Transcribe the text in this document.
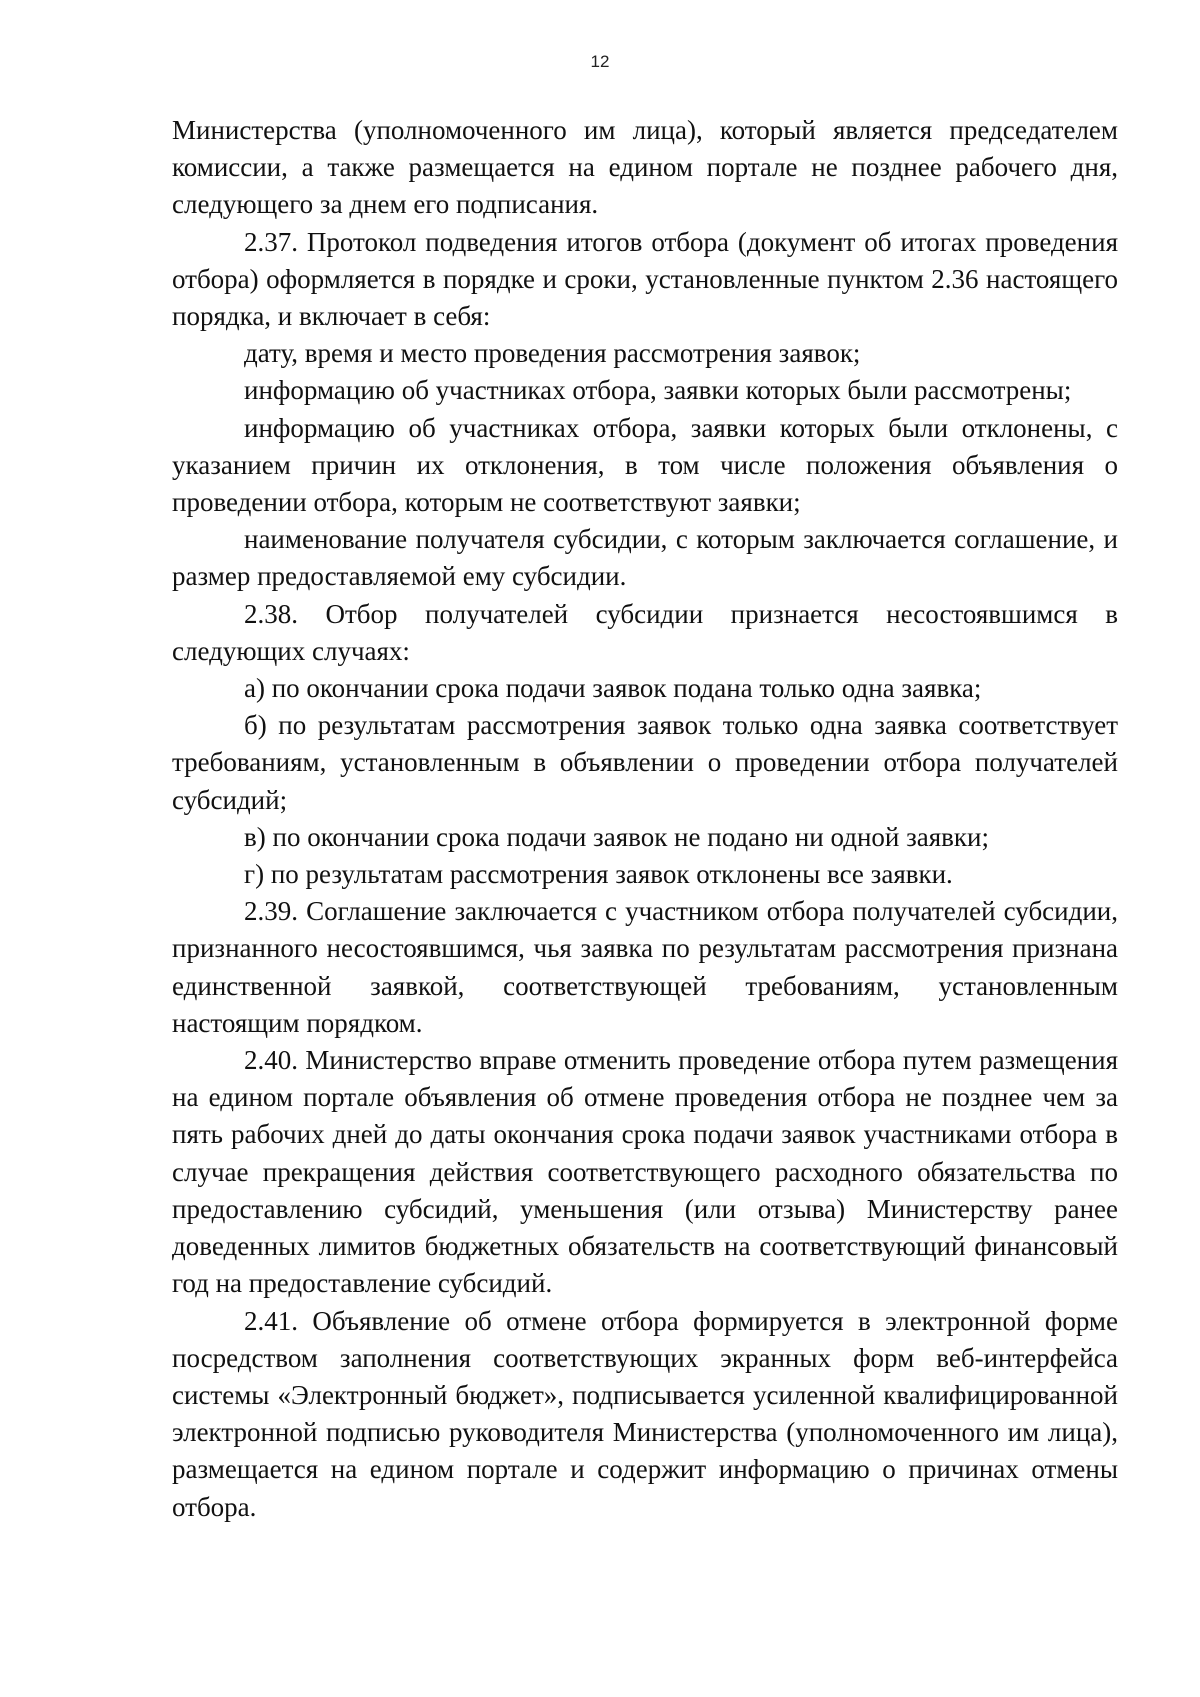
12

Министерства (уполномоченного им лица), который является председателем комиссии, а также размещается на едином портале не позднее рабочего дня, следующего за днем его подписания.

2.37. Протокол подведения итогов отбора (документ об итогах проведения отбора) оформляется в порядке и сроки, установленные пунктом 2.36 настоящего порядка, и включает в себя:

дату, время и место проведения рассмотрения заявок;

информацию об участниках отбора, заявки которых были рассмотрены;

информацию об участниках отбора, заявки которых были отклонены, с указанием причин их отклонения, в том числе положения объявления о проведении отбора, которым не соответствуют заявки;

наименование получателя субсидии, с которым заключается соглашение, и размер предоставляемой ему субсидии.

2.38. Отбор получателей субсидии признается несостоявшимся в следующих случаях:

а) по окончании срока подачи заявок подана только одна заявка;

б) по результатам рассмотрения заявок только одна заявка соответствует требованиям, установленным в объявлении о проведении отбора получателей субсидий;

в) по окончании срока подачи заявок не подано ни одной заявки;

г) по результатам рассмотрения заявок отклонены все заявки.

2.39. Соглашение заключается с участником отбора получателей субсидии, признанного несостоявшимся, чья заявка по результатам рассмотрения признана единственной заявкой, соответствующей требованиям, установленным настоящим порядком.

2.40. Министерство вправе отменить проведение отбора путем размещения на едином портале объявления об отмене проведения отбора не позднее чем за пять рабочих дней до даты окончания срока подачи заявок участниками отбора в случае прекращения действия соответствующего расходного обязательства по предоставлению субсидий, уменьшения (или отзыва) Министерству ранее доведенных лимитов бюджетных обязательств на соответствующий финансовый год на предоставление субсидий.

2.41. Объявление об отмене отбора формируется в электронной форме посредством заполнения соответствующих экранных форм веб-интерфейса системы «Электронный бюджет», подписывается усиленной квалифицированной электронной подписью руководителя Министерства (уполномоченного им лица), размещается на едином портале и содержит информацию о причинах отмены отбора.
